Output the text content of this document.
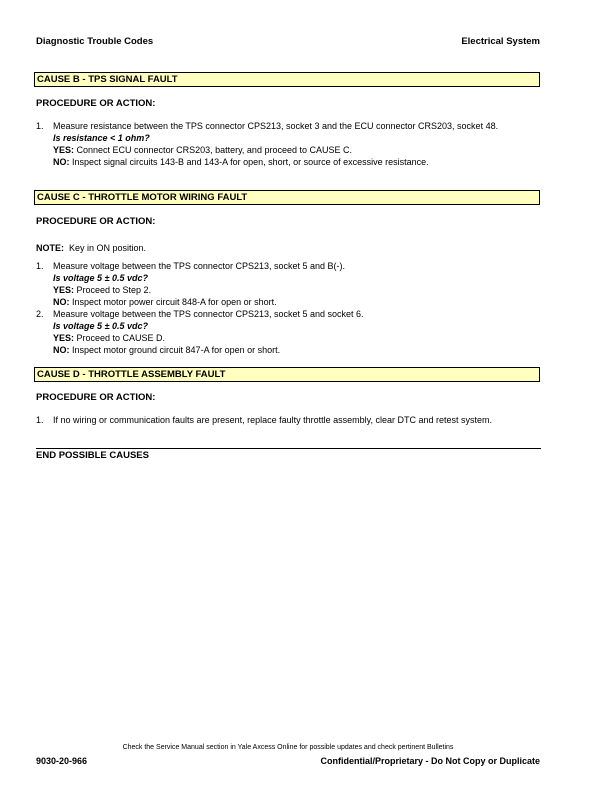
Diagnostic Trouble Codes	Electrical System
CAUSE B - TPS SIGNAL FAULT
PROCEDURE OR ACTION:
1.	Measure resistance between the TPS connector CPS213, socket 3 and the ECU connector CRS203, socket 48.
Is resistance < 1 ohm?
YES: Connect ECU connector CRS203, battery, and proceed to CAUSE C.
NO: Inspect signal circuits 143-B and 143-A for open, short, or source of excessive resistance.
CAUSE C - THROTTLE MOTOR WIRING FAULT
PROCEDURE OR ACTION:
NOTE:  Key in ON position.
1.	Measure voltage between the TPS connector CPS213, socket 5 and B(-).
Is voltage 5 ± 0.5 vdc?
YES: Proceed to Step 2.
NO: Inspect motor power circuit 848-A for open or short.
2.	Measure voltage between the TPS connector CPS213, socket 5 and socket 6.
Is voltage 5 ± 0.5 vdc?
YES: Proceed to CAUSE D.
NO: Inspect motor ground circuit 847-A for open or short.
CAUSE D - THROTTLE ASSEMBLY FAULT
PROCEDURE OR ACTION:
1.	If no wiring or communication faults are present, replace faulty throttle assembly, clear DTC and retest system.
END POSSIBLE CAUSES
Check the Service Manual section in Yale Axcess Online for possible updates and check pertinent Bulletins
9030-20-966	Confidential/Proprietary - Do Not Copy or Duplicate
